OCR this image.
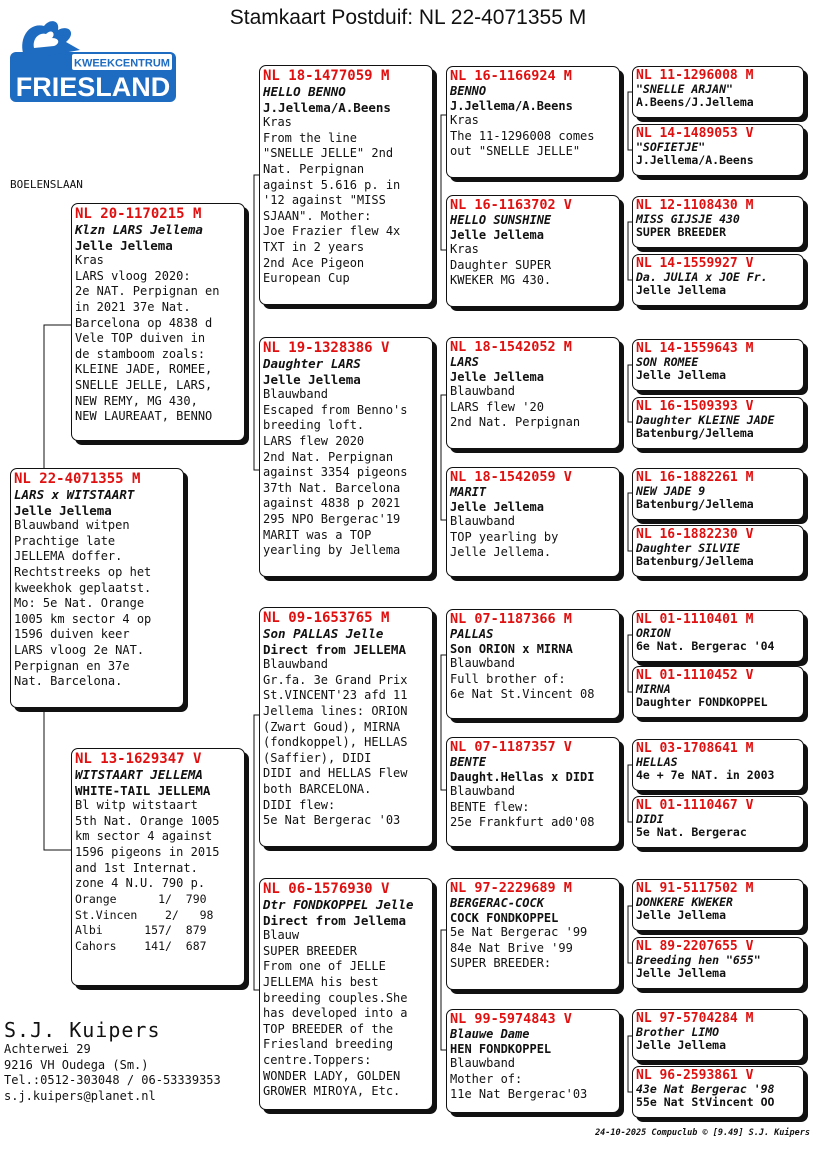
Stamkaart Postduif: NL 22-4071355 M
KWEEKCENTRUM
FRIESLAND
BOELENSLAAN
NL 22-4071355 M
LARS x WITSTAART
Jelle Jellema
Blauwband witpen
Prachtige late
JELLEMA doffer.
Rechtstreeks op het
kweekhok geplaatst.
Mo: 5e Nat. Orange
1005 km sector 4 op
1596 duiven keer
LARS vloog 2e NAT.
Perpignan en 37e
Nat. Barcelona.
NL 20-1170215 M
Klzn LARS Jellema
Jelle Jellema
Kras
LARS vloog 2020:
2e NAT. Perpignan en
in 2021 37e Nat.
Barcelona op 4838 d
Vele TOP duiven in
de stamboom zoals:
KLEINE JADE, ROMEE,
SNELLE JELLE, LARS,
NEW REMY, MG 430,
NEW LAUREAAT, BENNO
NL 13-1629347 V
WITSTAART JELLEMA
WHITE-TAIL JELLEMA
Bl witp witstaart
5th Nat. Orange 1005
km sector 4 against
1596 pigeons in 2015
and 1st Internat.
zone 4 N.U. 790 p.
Orange      1/  790
St.Vincen    2/   98
Albi      157/  879
Cahors    141/  687
NL 18-1477059 M
HELLO BENNO
J.Jellema/A.Beens
Kras
From the line
"SNELLE JELLE" 2nd
Nat. Perpignan
against 5.616 p. in
'12 against "MISS
SJAAN". Mother:
Joe Frazier flew 4x
TXT in 2 years
2nd Ace Pigeon
European Cup
NL 19-1328386 V
Daughter LARS
Jelle Jellema
Blauwband
Escaped from Benno's
breeding loft.
LARS flew 2020
2nd Nat. Perpignan
against 3354 pigeons
37th Nat. Barcelona
against 4838 p 2021
295 NPO Bergerac'19
MARIT was a TOP
yearling by Jellema
NL 09-1653765 M
Son PALLAS Jelle
Direct from JELLEMA
Blauwband
Gr.fa. 3e Grand Prix
St.VINCENT'23 afd 11
Jellema lines: ORION
(Zwart Goud), MIRNA
(fondkoppel), HELLAS
(Saffier), DIDI
DIDI and HELLAS Flew
both BARCELONA.
DIDI flew:
5e Nat Bergerac '03
NL 06-1576930 V
Dtr FONDKOPPEL Jelle
Direct from Jellema
Blauw
SUPER BREEDER
From one of JELLE
JELLEMA his best
breeding couples.She
has developed into a
TOP BREEDER of the
Friesland breeding
centre.Toppers:
WONDER LADY, GOLDEN
GROWER MIROYA, Etc.
NL 16-1166924 M
BENNO
J.Jellema/A.Beens
Kras
The 11-1296008 comes
out "SNELLE JELLE"
NL 16-1163702 V
HELLO SUNSHINE
Jelle Jellema
Kras
Daughter SUPER
KWEKER MG 430.
NL 18-1542052 M
LARS
Jelle Jellema
Blauwband
LARS flew '20
2nd Nat. Perpignan
NL 18-1542059 V
MARIT
Jelle Jellema
Blauwband
TOP yearling by
Jelle Jellema.
NL 07-1187366 M
PALLAS
Son ORION x MIRNA
Blauwband
Full brother of:
6e Nat St.Vincent 08
NL 07-1187357 V
BENTE
Daught.Hellas x DIDI
Blauwband
BENTE flew:
25e Frankfurt ad0'08
NL 97-2229689 M
BERGERAC-COCK
COCK FONDKOPPEL
5e Nat Bergerac '99
84e Nat Brive '99
SUPER BREEDER:
NL 99-5974843 V
Blauwe Dame
HEN FONDKOPPEL
Blauwband
Mother of:
11e Nat Bergerac'03
NL 11-1296008 M
"SNELLE ARJAN"
A.Beens/J.Jellema
NL 14-1489053 V
"SOFIETJE"
J.Jellema/A.Beens
NL 12-1108430 M
MISS GIJSJE 430
SUPER BREEDER
NL 14-1559927 V
Da. JULIA x JOE Fr.
Jelle Jellema
NL 14-1559643 M
SON ROMEE
Jelle Jellema
NL 16-1509393 V
Daughter KLEINE JADE
Batenburg/Jellema
NL 16-1882261 M
NEW JADE 9
Batenburg/Jellema
NL 16-1882230 V
Daughter SILVIE
Batenburg/Jellema
NL 01-1110401 M
ORION
6e Nat. Bergerac '04
NL 01-1110452 V
MIRNA
Daughter FONDKOPPEL
NL 03-1708641 M
HELLAS
4e + 7e NAT. in 2003
NL 01-1110467 V
DIDI
5e Nat. Bergerac
NL 91-5117502 M
DONKERE KWEKER
Jelle Jellema
NL 89-2207655 V
Breeding hen "655"
Jelle Jellema
NL 97-5704284 M
Brother LIMO
Jelle Jellema
NL 96-2593861 V
43e Nat Bergerac '98
55e Nat StVincent OO
S.J. Kuipers
Achterwei 29
9216 VH Oudega (Sm.)
Tel.:0512-303048 / 06-53339353
s.j.kuipers@planet.nl
24-10-2025 Compuclub © [9.49] S.J. Kuipers
